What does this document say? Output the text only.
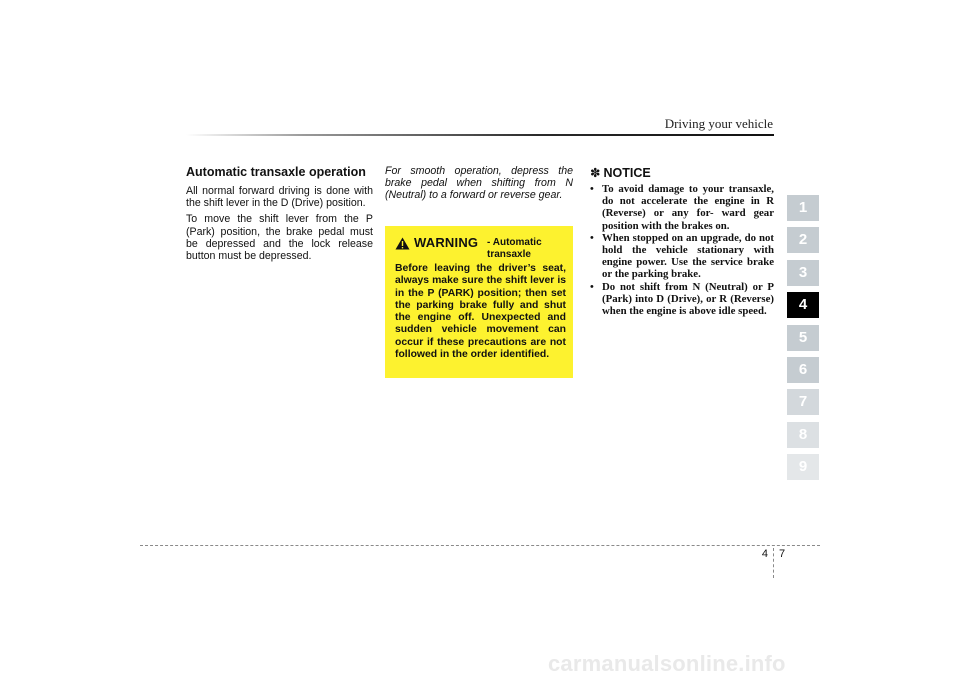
Driving your vehicle
Automatic transaxle operation

All normal forward driving is done with the shift lever in the D (Drive) position.

To move the shift lever from the P (Park) position, the brake pedal must be depressed and the lock release button must be depressed.

For smooth operation, depress the brake pedal when shifting from N (Neutral) to a forward or reverse gear.

WARNING - Automatic transaxle

Before leaving the driver’s seat, always make sure the shift lever is in the P (PARK) position; then set the parking brake fully and shut the engine off. Unexpected and sudden vehicle movement can occur if these precautions are not followed in the order identified.

✽ NOTICE
• To avoid damage to your transaxle, do not accelerate the engine in R (Reverse) or any for- ward gear position with the brakes on.
• When stopped on an upgrade, do not hold the vehicle stationary with engine power. Use the service brake or the parking brake.
• Do not shift from N (Neutral) or P (Park) into D (Drive), or R (Reverse) when the engine is above idle speed.
1
2
3
4
5
6
7
8
9
4 7
carmanualsonline.info
